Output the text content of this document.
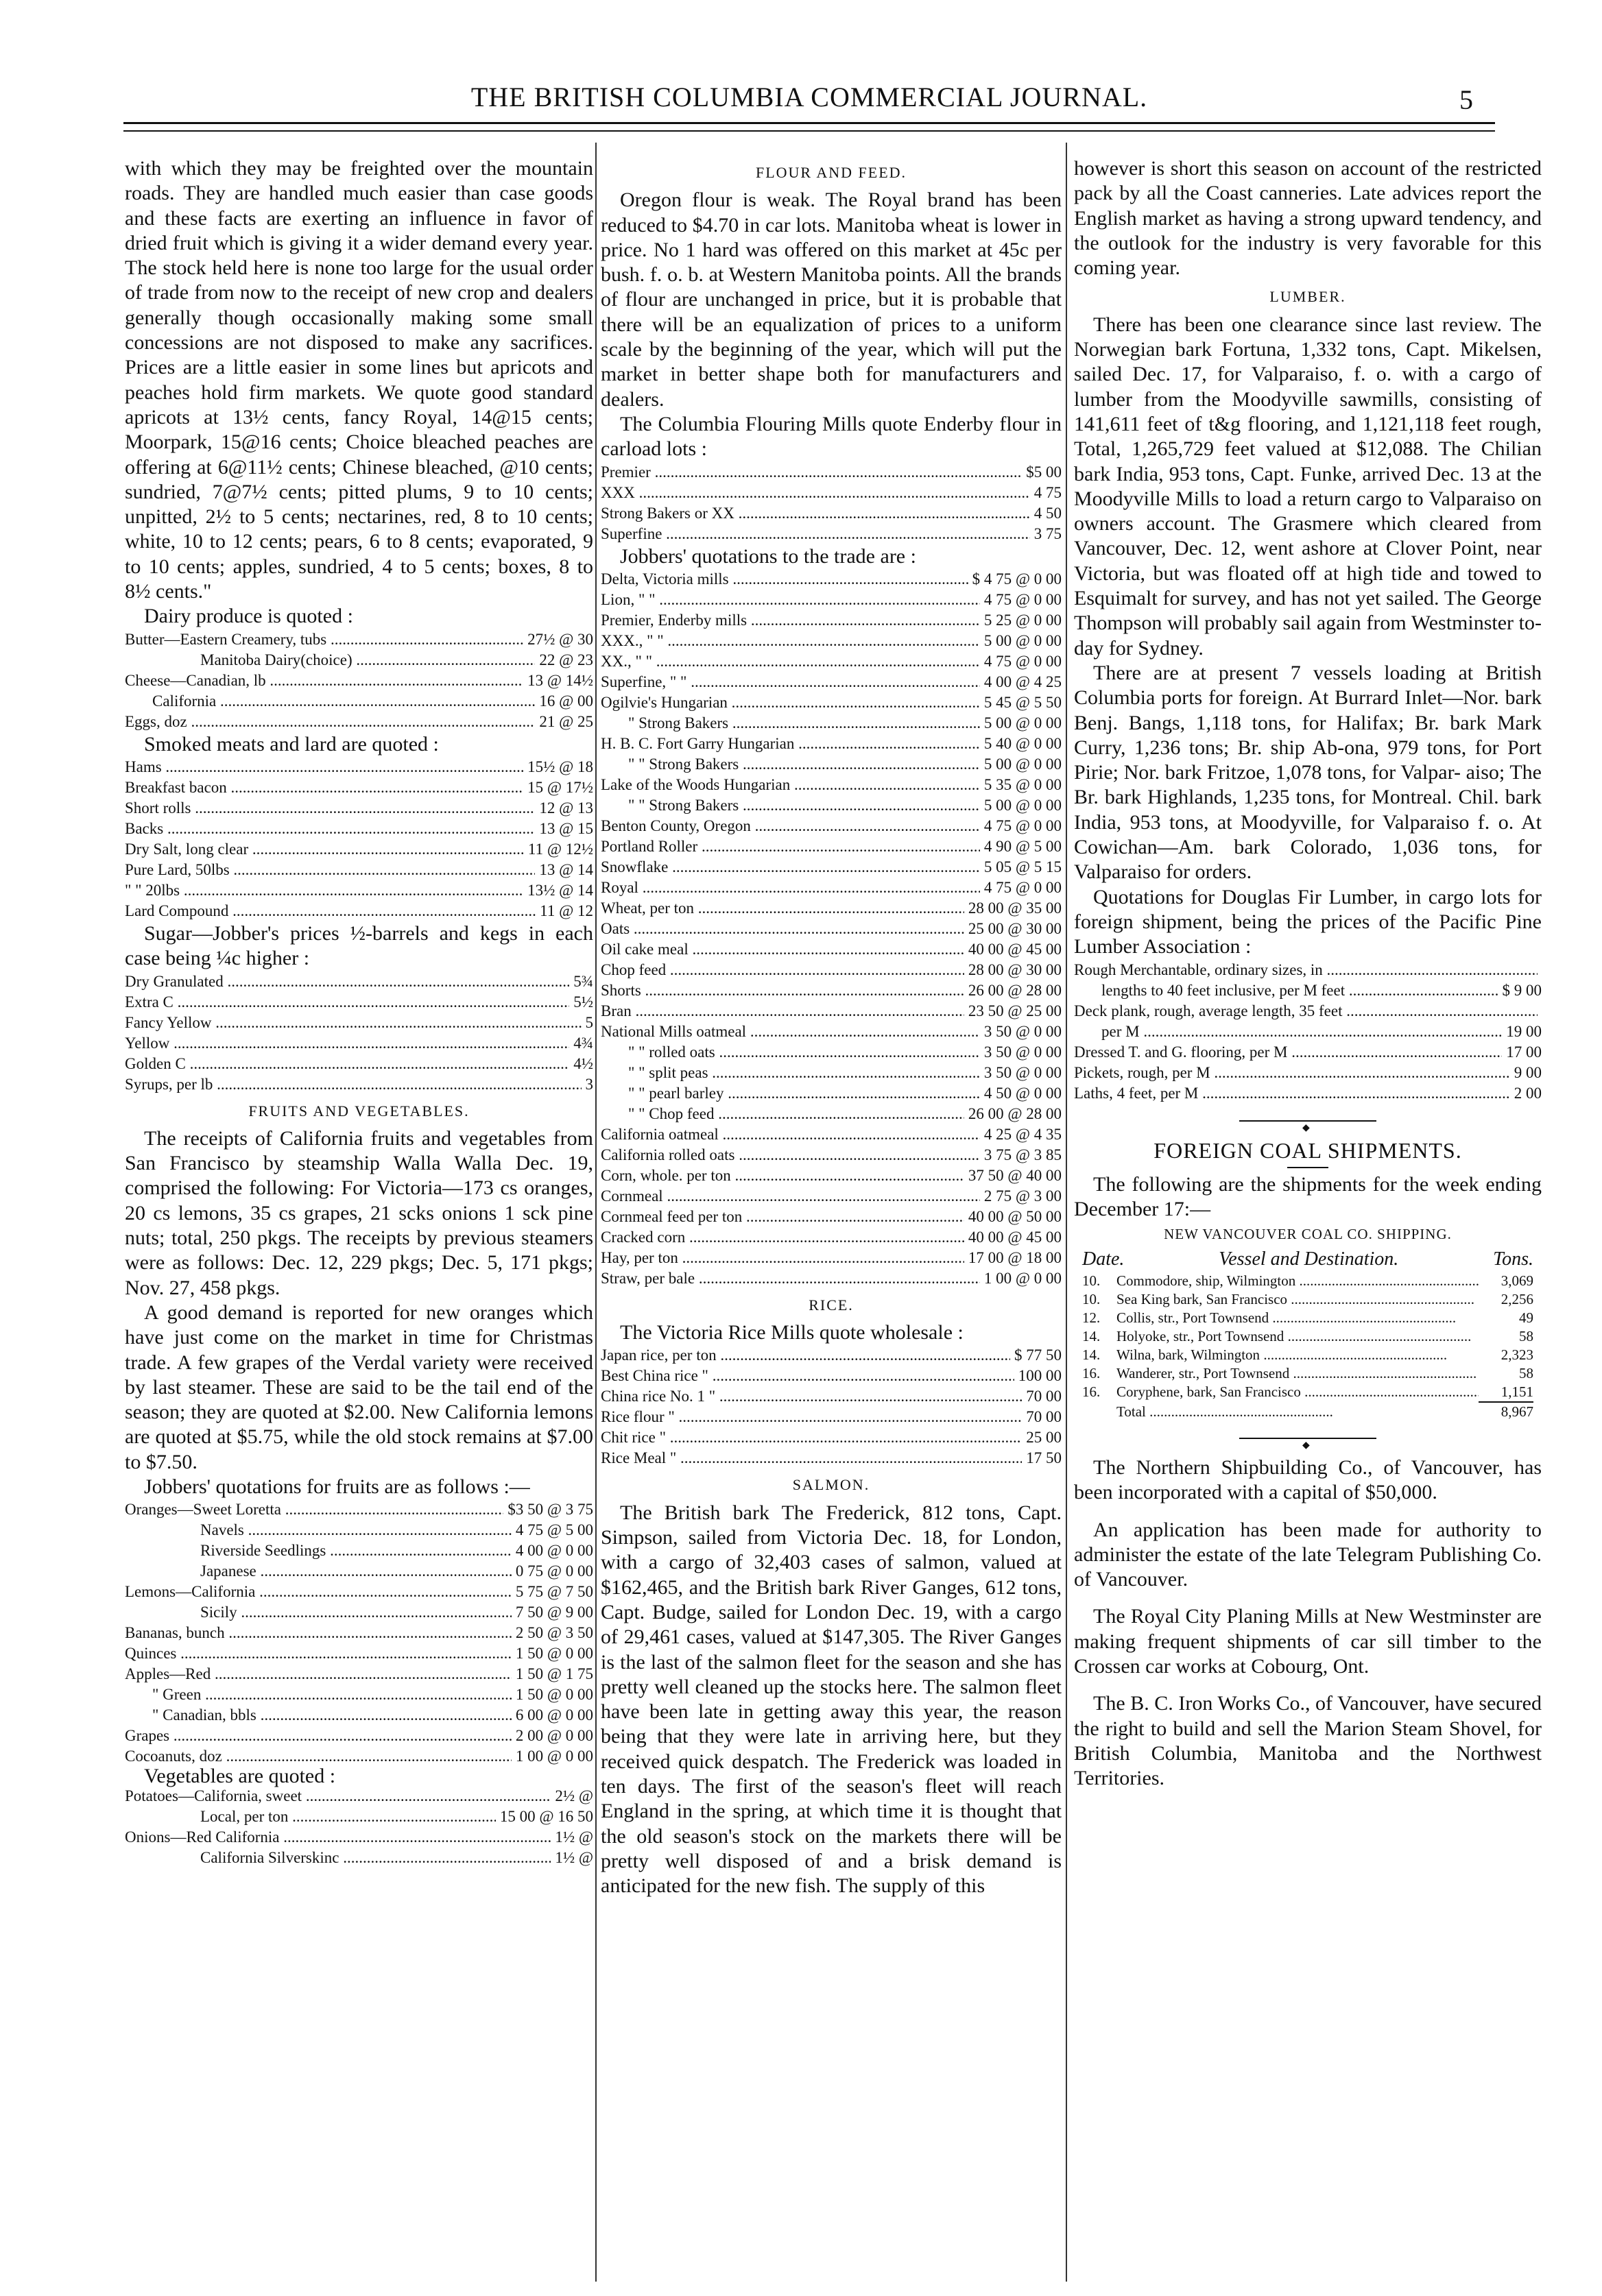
THE BRITISH COLUMBIA COMMERCIAL JOURNAL.	5

with which they may be freighted over the mountain roads. They are handled much easier than case goods and these facts are exerting an influence in favor of dried fruit which is giving it a wider demand every year. The stock held here is none too large for the usual order of trade from now to the receipt of new crop and dealers generally though occasionally making some small concessions are not disposed to make any sacrifices. Prices are a little easier in some lines but apricots and peaches hold firm markets. We quote good standard apricots at 13½ cents, fancy Royal, 14@15 cents; Moorpark, 15@16 cents; Choice bleached peaches are offering at 6@11½ cents; Chinese bleached, @10 cents; sundried, 7@7½ cents; pitted plums, 9 to 10 cents; unpitted, 2½ to 5 cents; nectarines, red, 8 to 10 cents; white, 10 to 12 cents; pears, 6 to 8 cents; evaporated, 9 to 10 cents; apples, sundried, 4 to 5 cents; boxes, 8 to 8½ cents."

Dairy produce is quoted :

Butter—Eastern Creamery, tubs .....	27½ @ 30
Manitoba Dairy(choice) .....	22 @ 23
Cheese—Canadian, lb .....	13 @ 14½
California .....	16 @ 00
Eggs, doz .....	21 @ 25

Smoked meats and lard are quoted :

Hams .....	15½ @ 18
Breakfast bacon .....	15 @ 17½
Short rolls .....	12 @ 13
Backs .....	13 @ 15
Dry Salt, long clear .....	11 @ 12½
Pure Lard, 50lbs .....	13 @ 14
" " 20lbs .....	13½ @ 14
Lard Compound .....	11 @ 12

Sugar—Jobber's prices ½-barrels and kegs in each case being ¼c higher :

Dry Granulated .....	5¾
Extra C .....	5½
Fancy Yellow .....	5
Yellow .....	4¾
Golden C .....	4½
Syrups, per lb .....	3
FRUITS AND VEGETABLES.

The receipts of California fruits and vegetables from San Francisco by steamship Walla Walla Dec. 19, comprised the following: For Victoria—173 cs oranges, 20 cs lemons, 35 cs grapes, 21 scks onions 1 sck pine nuts; total, 250 pkgs. The receipts by previous steamers were as follows: Dec. 12, 229 pkgs; Dec. 5, 171 pkgs; Nov. 27, 458 pkgs.

A good demand is reported for new oranges which have just come on the market in time for Christmas trade. A few grapes of the Verdal variety were received by last steamer. These are said to be the tail end of the season; they are quoted at $2.00. New California lemons are quoted at $5.75, while the old stock remains at $7.00 to $7.50.

Jobbers' quotations for fruits are as follows :—

Oranges—Sweet Loretta .....	$3 50 @ 3 75
Navels .....	4 75 @ 5 00
Riverside Seedlings .....	4 00 @ 0 00
Japanese .....	0 75 @ 0 00
Lemons—California .....	5 75 @ 7 50
Sicily .....	7 50 @ 9 00
Bananas, bunch .....	2 50 @ 3 50
Quinces .....	1 50 @ 0 00
Apples—Red .....	1 50 @ 1 75
" Green .....	1 50 @ 0 00
" Canadian, bbls .....	6 00 @ 0 00
Grapes .....	2 00 @ 0 00
Cocoanuts, doz .....	1 00 @ 0 00

Vegetables are quoted :

Potatoes—California, sweet .....	2½ @
Local, per ton .....	15 00 @ 16 50
Onions—Red California .....	1½ @
California Silverskinc .....	1½ @
FLOUR AND FEED.

Oregon flour is weak. The Royal brand has been reduced to $4.70 in car lots. Manitoba wheat is lower in price. No 1 hard was offered on this market at 45c per bush. f. o. b. at Western Manitoba points. All the brands of flour are unchanged in price, but it is probable that there will be an equalization of prices to a uniform scale by the beginning of the year, which will put the market in better shape both for manufacturers and dealers.

The Columbia Flouring Mills quote Enderby flour in carload lots :

Premier .....	$5 00
XXX .....	4 75
Strong Bakers or XX .....	4 50
Superfine .....	3 75

Jobbers' quotations to the trade are :

Delta, Victoria mills .....	$ 4 75 @ 0 00
Lion, " " .....	4 75 @ 0 00
Premier, Enderby mills .....	5 25 @ 0 00
XXX., " " .....	5 00 @ 0 00
XX., " " .....	4 75 @ 0 00
Superfine, " " .....	4 00 @ 4 25
Ogilvie's Hungarian .....	5 45 @ 5 50
" Strong Bakers .....	5 00 @ 0 00
H. B. C. Fort Garry Hungarian .....	5 40 @ 0 00
" " Strong Bakers .....	5 00 @ 0 00
Lake of the Woods Hungarian .....	5 35 @ 0 00
" " Strong Bakers .....	5 00 @ 0 00
Benton County, Oregon .....	4 75 @ 0 00
Portland Roller .....	4 90 @ 5 00
Snowflake .....	5 05 @ 5 15
Royal .....	4 75 @ 0 00
Wheat, per ton .....	28 00 @ 35 00
Oats .....	25 00 @ 30 00
Oil cake meal .....	40 00 @ 45 00
Chop feed .....	28 00 @ 30 00
Shorts .....	26 00 @ 28 00
Bran .....	23 50 @ 25 00
National Mills oatmeal .....	3 50 @ 0 00
" " rolled oats .....	3 50 @ 0 00
" " split peas .....	3 50 @ 0 00
" " pearl barley .....	4 50 @ 0 00
" " Chop feed .....	26 00 @ 28 00
California oatmeal .....	4 25 @ 4 35
California rolled oats .....	3 75 @ 3 85
Corn, whole. per ton .....	37 50 @ 40 00
Cornmeal .....	2 75 @ 3 00
Cornmeal feed per ton .....	40 00 @ 50 00
Cracked corn .....	40 00 @ 45 00
Hay, per ton .....	17 00 @ 18 00
Straw, per bale .....	1 00 @ 0 00
RICE.

The Victoria Rice Mills quote wholesale :

Japan rice, per ton .....	$ 77 50
Best China rice " .....	100 00
China rice No. 1 " .....	70 00
Rice flour " .....	70 00
Chit rice " .....	25 00
Rice Meal " .....	17 50
SALMON.

The British bark The Frederick, 812 tons, Capt. Simpson, sailed from Victoria Dec. 18, for London, with a cargo of 32,403 cases of salmon, valued at $162,465, and the British bark River Ganges, 612 tons, Capt. Budge, sailed for London Dec. 19, with a cargo of 29,461 cases, valued at $147,305. The River Ganges is the last of the salmon fleet for the season and she has pretty well cleaned up the stocks here. The salmon fleet have been late in getting away this year, the reason being that they were late in arriving here, but they received quick despatch. The Frederick was loaded in ten days. The first of the season's fleet will reach England in the spring, at which time it is thought that the old season's stock on the markets there will be pretty well disposed of and a brisk demand is anticipated for the new fish. The supply of this

however is short this season on account of the restricted pack by all the Coast canneries. Late advices report the English market as having a strong upward tendency, and the outlook for the industry is very favorable for this coming year.

LUMBER.

There has been one clearance since last review. The Norwegian bark Fortuna, 1,332 tons, Capt. Mikelsen, sailed Dec. 17, for Valparaiso, f. o. with a cargo of lumber from the Moodyville sawmills, consisting of 141,611 feet of t&g flooring, and 1,121,118 feet rough, Total, 1,265,729 feet valued at $12,088. The Chilian bark India, 953 tons, Capt. Funke, arrived Dec. 13 at the Moodyville Mills to load a return cargo to Valparaiso on owners account. The Grasmere which cleared from Vancouver, Dec. 12, went ashore at Clover Point, near Victoria, but was floated off at high tide and towed to Esquimalt for survey, and has not yet sailed. The George Thompson will probably sail again from Westminster to-day for Sydney.

There are at present 7 vessels loading at British Columbia ports for foreign. At Burrard Inlet—Nor. bark Benj. Bangs, 1,118 tons, for Halifax; Br. bark Mark Curry, 1,236 tons; Br. ship Ab-ona, 979 tons, for Port Pirie; Nor. bark Fritzoe, 1,078 tons, for Valpar- aiso; The Br. bark Highlands, 1,235 tons, for Montreal. Chil. bark India, 953 tons, at Moodyville, for Valparaiso f. o. At Cowichan—Am. bark Colorado, 1,036 tons, for Valparaiso for orders.

Quotations for Douglas Fir Lumber, in cargo lots for foreign shipment, being the prices of the Pacific Pine Lumber Association :

Rough Merchantable, ordinary sizes, in .....
lengths to 40 feet inclusive, per M feet .....	$ 9 00
Deck plank, rough, average length, 35 feet .....
per M .....	19 00
Dressed T. and G. flooring, per M .....	17 00
Pickets, rough, per M .....	9 00
Laths, 4 feet, per M .....	2 00
◆
FOREIGN COAL SHIPMENTS.

The following are the shipments for the week ending December 17:—

NEW VANCOUVER COAL CO. SHIPPING.
Date.	Vessel and Destination.	Tons.
10.	Commodore, ship, Wilmington .....	3,069
10.	Sea King bark, San Francisco .....	2,256
12.	Collis, str., Port Townsend .....	49
14.	Holyoke, str., Port Townsend .....	58
14.	Wilna, bark, Wilmington .....	2,323
16.	Wanderer, str., Port Townsend .....	58
16.	Coryphene, bark, San Francisco .....	1,151
Total .....	8,967
◆

The Northern Shipbuilding Co., of Vancouver, has been incorporated with a capital of $50,000.

An application has been made for authority to administer the estate of the late Telegram Publishing Co. of Vancouver.

The Royal City Planing Mills at New Westminster are making frequent shipments of car sill timber to the Crossen car works at Cobourg, Ont.

The B. C. Iron Works Co., of Vancouver, have secured the right to build and sell the Marion Steam Shovel, for British Columbia, Manitoba and the Northwest Territories.
